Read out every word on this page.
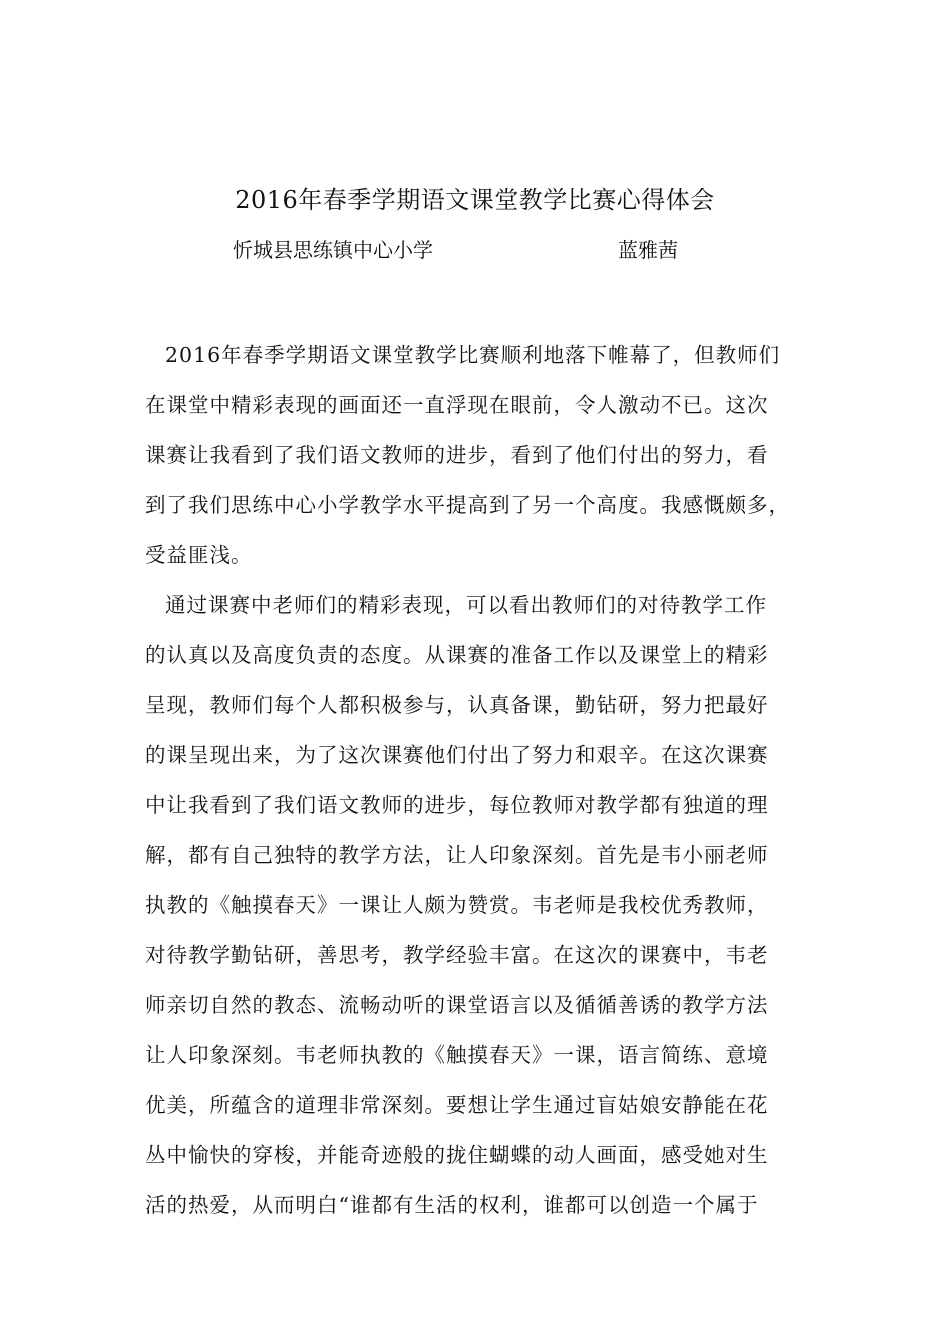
2016年春季学期语文课堂教学比赛心得体会
忻城县思练镇中心小学	蓝雅茜
2016年春季学期语文课堂教学比赛顺利地落下帷幕了，但教师们
在课堂中精彩表现的画面还一直浮现在眼前，令人激动不已。这次
课赛让我看到了我们语文教师的进步，看到了他们付出的努力，看
到了我们思练中心小学教学水平提高到了另一个高度。我感慨颇多，
受益匪浅。
通过课赛中老师们的精彩表现，可以看出教师们的对待教学工作
的认真以及高度负责的态度。从课赛的准备工作以及课堂上的精彩
呈现，教师们每个人都积极参与，认真备课，勤钻研，努力把最好
的课呈现出来，为了这次课赛他们付出了努力和艰辛。在这次课赛
中让我看到了我们语文教师的进步，每位教师对教学都有独道的理
解，都有自己独特的教学方法，让人印象深刻。首先是韦小丽老师
执教的《触摸春天》一课让人颇为赞赏。韦老师是我校优秀教师，
对待教学勤钻研，善思考，教学经验丰富。在这次的课赛中，韦老
师亲切自然的教态、流畅动听的课堂语言以及循循善诱的教学方法
让人印象深刻。韦老师执教的《触摸春天》一课，语言简练、意境
优美，所蕴含的道理非常深刻。要想让学生通过盲姑娘安静能在花
丛中愉快的穿梭，并能奇迹般的拢住蝴蝶的动人画面，感受她对生
活的热爱，从而明白“谁都有生活的权利，谁都可以创造一个属于
